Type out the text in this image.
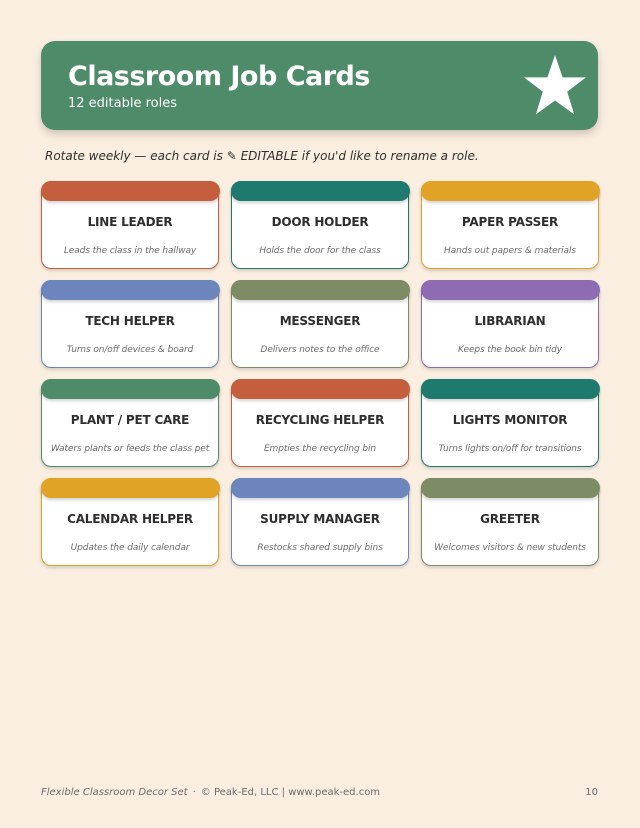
Classroom Job Cards
12 editable roles
Rotate weekly — each card is ✎ EDITABLE if you'd like to rename a role.
LINE LEADER
Leads the class in the hallway
DOOR HOLDER
Holds the door for the class
PAPER PASSER
Hands out papers & materials
TECH HELPER
Turns on/off devices & board
MESSENGER
Delivers notes to the office
LIBRARIAN
Keeps the book bin tidy
PLANT / PET CARE
Waters plants or feeds the class pet
RECYCLING HELPER
Empties the recycling bin
LIGHTS MONITOR
Turns lights on/off for transitions
CALENDAR HELPER
Updates the daily calendar
SUPPLY MANAGER
Restocks shared supply bins
GREETER
Welcomes visitors & new students
Flexible Classroom Decor Set · © Peak-Ed, LLC | www.peak-ed.com	10
